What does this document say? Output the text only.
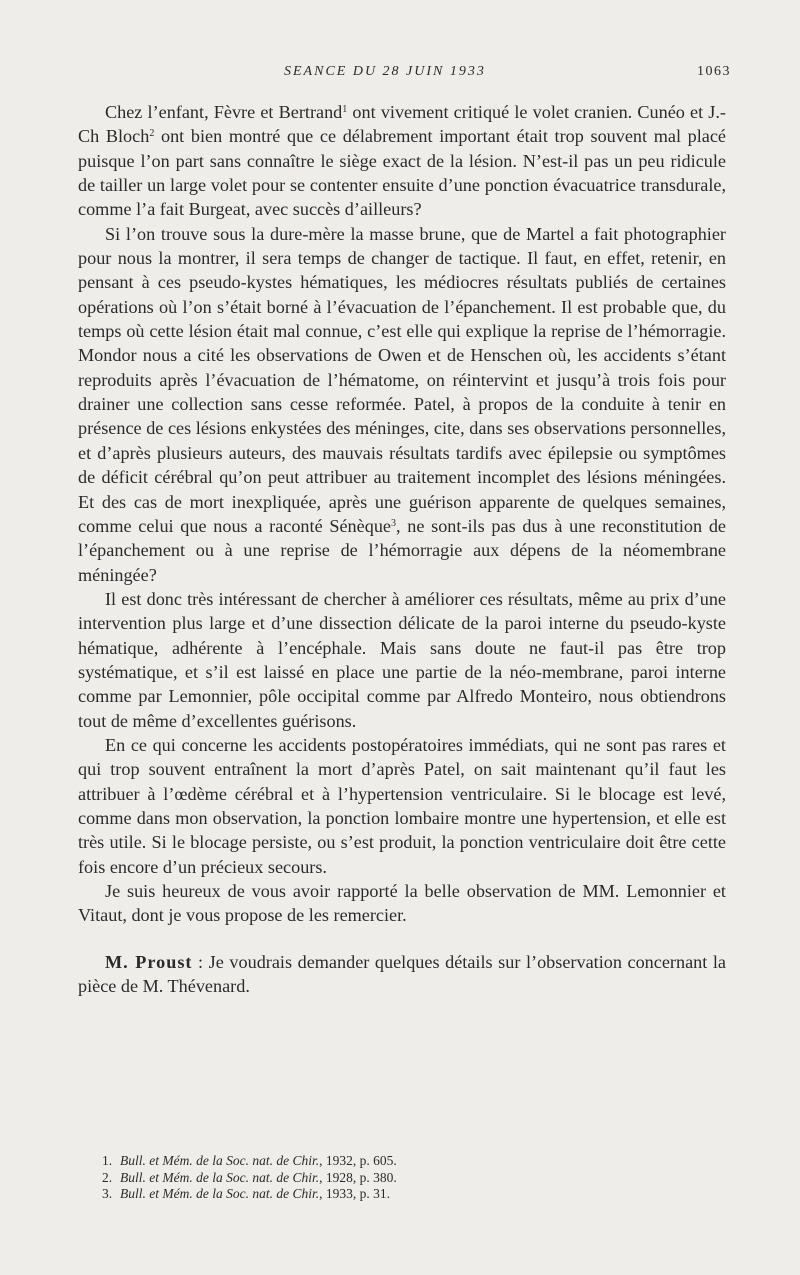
SEANCE DU 28 JUIN 1933	1063

Chez l’enfant, Fèvre et Bertrand$^1$ ont vivement critiqué le volet cranien. Cunéo et J.-Ch Bloch$^2$ ont bien montré que ce délabrement important était trop souvent mal placé puisque l’on part sans connaître le siège exact de la lésion. N’est-il pas un peu ridicule de tailler un large volet pour se contenter ensuite d’une ponction évacuatrice transdurale, comme l’a fait Burgeat, avec succès d’ailleurs?

Si l’on trouve sous la dure-mère la masse brune, que de Martel a fait photographier pour nous la montrer, il sera temps de changer de tactique. Il faut, en effet, retenir, en pensant à ces pseudo-kystes hématiques, les médiocres résultats publiés de certaines opérations où l’on s’était borné à l’évacuation de l’épanchement. Il est probable que, du temps où cette lésion était mal connue, c’est elle qui explique la reprise de l’hémorragie. Mondor nous a cité les observations de Owen et de Henschen où, les accidents s’étant reproduits après l’évacuation de l’hématome, on réintervint et jusqu’à trois fois pour drainer une collection sans cesse reformée. Patel, à propos de la conduite à tenir en présence de ces lésions enkystées des méninges, cite, dans ses observations personnelles, et d’après plusieurs auteurs, des mauvais résultats tardifs avec épilepsie ou symptômes de déficit cérébral qu’on peut attribuer au traitement incomplet des lésions méningées. Et des cas de mort inexpliquée, après une guérison apparente de quelques semaines, comme celui que nous a raconté Sénèque$^3$, ne sont-ils pas dus à une reconstitution de l’épanchement ou à une reprise de l’hémorragie aux dépens de la néomembrane méningée?

Il est donc très intéressant de chercher à améliorer ces résultats, même au prix d’une intervention plus large et d’une dissection délicate de la paroi interne du pseudo-kyste hématique, adhérente à l’encéphale. Mais sans doute ne faut-il pas être trop systématique, et s’il est laissé en place une partie de la néo-membrane, paroi interne comme par Lemonnier, pôle occipital comme par Alfredo Monteiro, nous obtiendrons tout de même d’excellentes guérisons.

En ce qui concerne les accidents postopératoires immédiats, qui ne sont pas rares et qui trop souvent entraînent la mort d’après Patel, on sait maintenant qu’il faut les attribuer à l’œdème cérébral et à l’hypertension ventriculaire. Si le blocage est levé, comme dans mon observation, la ponction lombaire montre une hypertension, et elle est très utile. Si le blocage persiste, ou s’est produit, la ponction ventriculaire doit être cette fois encore d’un précieux secours.

Je suis heureux de vous avoir rapporté la belle observation de MM. Lemonnier et Vitaut, dont je vous propose de les remercier.

M. Proust : Je voudrais demander quelques détails sur l’observation concernant la pièce de M. Thévenard.

1. Bull. et Mém. de la Soc. nat. de Chir., 1932, p. 605.
2. Bull. et Mém. de la Soc. nat. de Chir., 1928, p. 380.
3. Bull. et Mém. de la Soc. nat. de Chir., 1933, p. 31.
